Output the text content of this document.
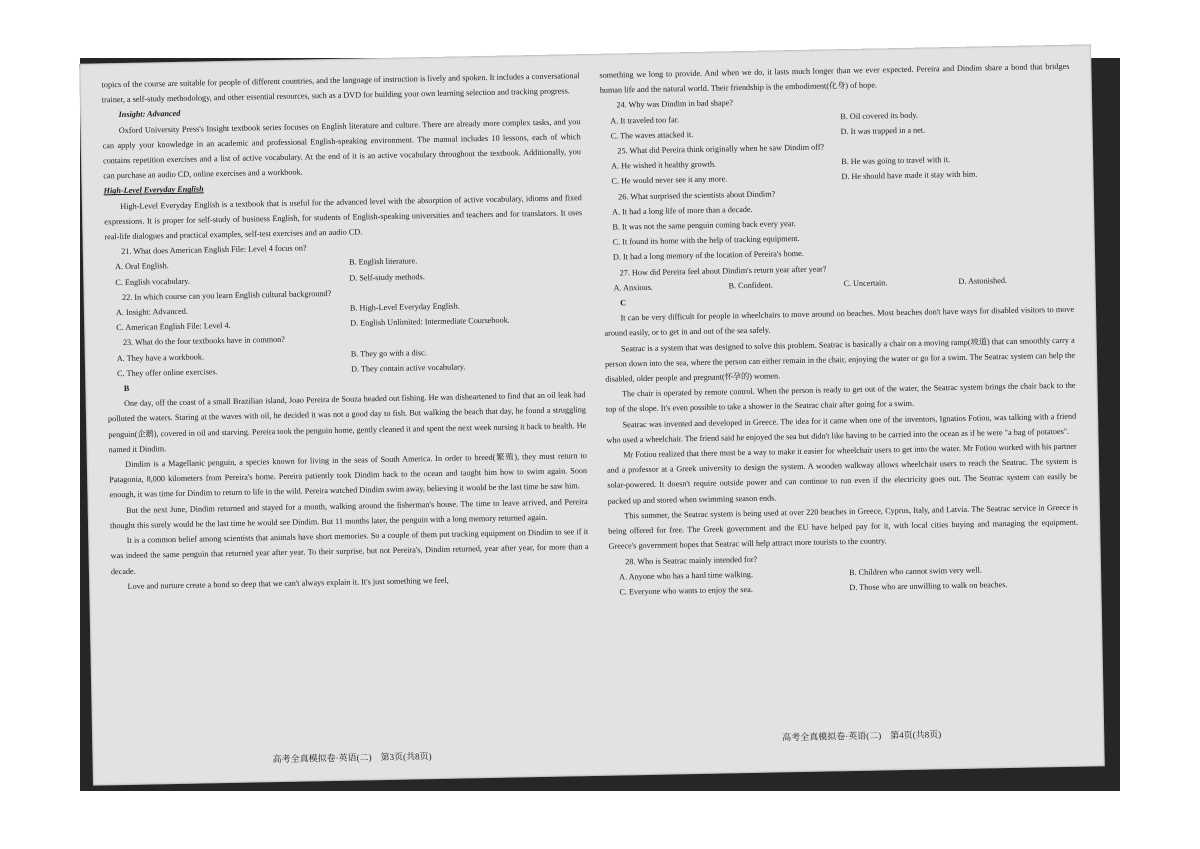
topics of the course are suitable for people of different countries, and the language of instruction is lively and spoken. It includes a conversational trainer, a self-study methodology, and other essential resources, such as a DVD for building your own learning selection and tracking progress.

Insight: Advanced

Oxford University Press's Insight textbook series focuses on English literature and culture. There are already more complex tasks, and you can apply your knowledge in an academic and professional English-speaking environment. The manual includes 10 lessons, each of which contains repetition exercises and a list of active vocabulary. At the end of it is an active vocabulary throughout the textbook. Additionally, you can purchase an audio CD, online exercises and a workbook.

High-Level Everyday English

High-Level Everyday English is a textbook that is useful for the advanced level with the absorption of active vocabulary, idioms and fixed expressions. It is proper for self-study of business English, for students of English-speaking universities and teachers and for translators. It uses real-life dialogues and practical examples, self-test exercises and an audio CD.

21. What does American English File: Level 4 focus on?

A. Oral English.	B. English literature.
C. English vocabulary.	D. Self-study methods.

22. In which course can you learn English cultural background?

A. Insight: Advanced.	B. High-Level Everyday English.
C. American English File: Level 4.	D. English Unlimited: Intermediate Coursebook.

23. What do the four textbooks have in common?

A. They have a workbook.	B. They go with a disc.
C. They offer online exercises.	D. They contain active vocabulary.

B

One day, off the coast of a small Brazilian island, Joao Pereira de Souza headed out fishing. He was disheartened to find that an oil leak had polluted the waters. Staring at the waves with oil, he decided it was not a good day to fish. But walking the beach that day, he found a struggling penguin(企鹅), covered in oil and starving. Pereira took the penguin home, gently cleaned it and spent the next week nursing it back to health. He named it Dindim.

Dindim is a Magellanic penguin, a species known for living in the seas of South America. In order to breed(繁殖), they must return to Patagonia, 8,000 kilometers from Pereira's home. Pereira patiently took Dindim back to the ocean and taught him how to swim again. Soon enough, it was time for Dindim to return to life in the wild. Pereira watched Dindim swim away, believing it would be the last time he saw him.

But the next June, Dindim returned and stayed for a month, walking around the fisherman's house. The time to leave arrived, and Pereira thought this surely would be the last time he would see Dindim. But 11 months later, the penguin with a long memory returned again.

It is a common belief among scientists that animals have short memories. So a couple of them put tracking equipment on Dindim to see if it was indeed the same penguin that returned year after year. To their surprise, but not Pereira's, Dindim returned, year after year, for more than a decade.

Love and nurture create a bond so deep that we can't always explain it. It's just something we feel,

something we long to provide. And when we do, it lasts much longer than we ever expected. Pereira and Dindim share a bond that bridges human life and the natural world. Their friendship is the embodiment(化身) of hope.

24. Why was Dindim in bad shape?

A. It traveled too far.	B. Oil covered its body.
C. The waves attacked it.	D. It was trapped in a net.

25. What did Pereira think originally when he saw Dindim off?

A. He wished it healthy growth.	B. He was going to travel with it.
C. He would never see it any more.	D. He should have made it stay with him.

26. What surprised the scientists about Dindim?

A. It had a long life of more than a decade.
B. It was not the same penguin coming back every year.
C. It found its home with the help of tracking equipment.
D. It had a long memory of the location of Pereira's home.

27. How did Pereira feel about Dindim's return year after year?

A. Anxious.	B. Confident.	C. Uncertain.	D. Astonished.

C

It can be very difficult for people in wheelchairs to move around on beaches. Most beaches don't have ways for disabled visitors to move around easily, or to get in and out of the sea safely.

Seatrac is a system that was designed to solve this problem. Seatrac is basically a chair on a moving ramp(坡道) that can smoothly carry a person down into the sea, where the person can either remain in the chair, enjoying the water or go for a swim. The Seatrac system can help the disabled, older people and pregnant(怀孕的) women.

The chair is operated by remote control. When the person is ready to get out of the water, the Seatrac system brings the chair back to the top of the slope. It's even possible to take a shower in the Seatrac chair after going for a swim.

Seatrac was invented and developed in Greece. The idea for it came when one of the inventors, Ignatios Fotiou, was talking with a friend who used a wheelchair. The friend said he enjoyed the sea but didn't like having to be carried into the ocean as if he were "a bag of potatoes".

Mr Fotiou realized that there must be a way to make it easier for wheelchair users to get into the water. Mr Fotiou worked with his partner and a professor at a Greek university to design the system. A wooden walkway allows wheelchair users to reach the Seatrac. The system is solar-powered. It doesn't require outside power and can continue to run even if the electricity goes out. The Seatrac system can easily be packed up and stored when swimming season ends.

This summer, the Seatrac system is being used at over 220 beaches in Greece, Cyprus, Italy, and Latvia. The Seatrac service in Greece is being offered for free. The Greek government and the EU have helped pay for it, with local cities buying and managing the equipment. Greece's government hopes that Seatrac will help attract more tourists to the country.

28. Who is Seatrac mainly intended for?

A. Anyone who has a hard time walking.	B. Children who cannot swim very well.
C. Everyone who wants to enjoy the sea.	D. Those who are unwilling to walk on beaches.
高考全真模拟卷·英语(二)　第3页(共8页)
高考全真模拟卷·英语(二)　第4页(共8页)
